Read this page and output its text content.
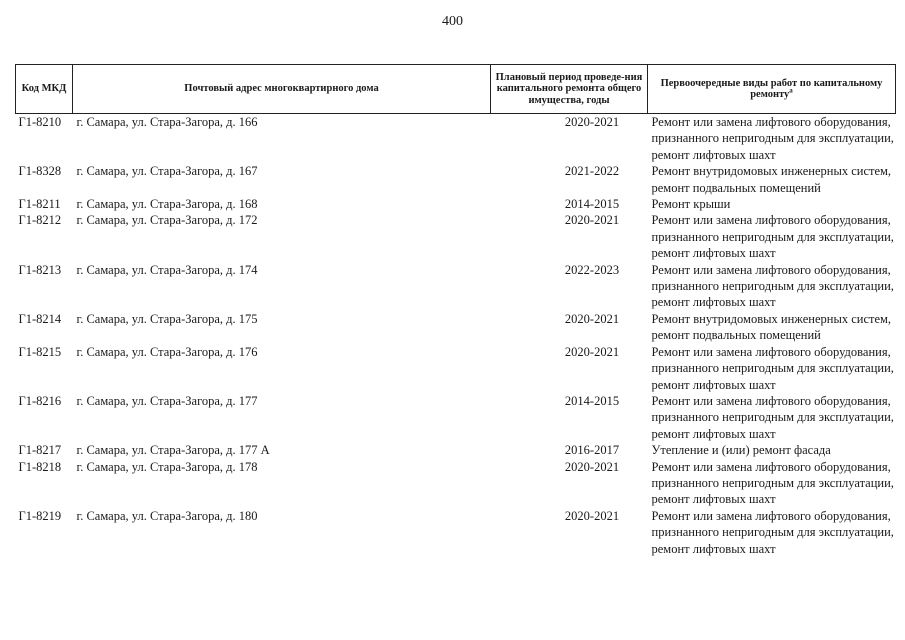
400
Код МКД	Почтовый адрес многоквартирного дома	Плановый период проведе-ния капитального ремонта общего имущества, годы	Первоочередные виды работ по капитальному ремонту$^а$
Г1-8210	г. Самара, ул. Стара-Загора, д. 166	2020-2021	Ремонт или замена лифтового оборудования, признанного непригодным для эксплуатации, ремонт лифтовых шахт
Г1-8328	г. Самара, ул. Стара-Загора, д. 167	2021-2022	Ремонт внутридомовых инженерных систем, ремонт подвальных помещений
Г1-8211	г. Самара, ул. Стара-Загора, д. 168	2014-2015	Ремонт крыши
Г1-8212	г. Самара, ул. Стара-Загора, д. 172	2020-2021	Ремонт или замена лифтового оборудования, признанного непригодным для эксплуатации, ремонт лифтовых шахт
Г1-8213	г. Самара, ул. Стара-Загора, д. 174	2022-2023	Ремонт или замена лифтового оборудования, признанного непригодным для эксплуатации, ремонт лифтовых шахт
Г1-8214	г. Самара, ул. Стара-Загора, д. 175	2020-2021	Ремонт внутридомовых инженерных систем, ремонт подвальных помещений
Г1-8215	г. Самара, ул. Стара-Загора, д. 176	2020-2021	Ремонт или замена лифтового оборудования, признанного непригодным для эксплуатации, ремонт лифтовых шахт
Г1-8216	г. Самара, ул. Стара-Загора, д. 177	2014-2015	Ремонт или замена лифтового оборудования, признанного непригодным для эксплуатации, ремонт лифтовых шахт
Г1-8217	г. Самара, ул. Стара-Загора, д. 177 А	2016-2017	Утепление и (или) ремонт фасада
Г1-8218	г. Самара, ул. Стара-Загора, д. 178	2020-2021	Ремонт или замена лифтового оборудования, признанного непригодным для эксплуатации, ремонт лифтовых шахт
Г1-8219	г. Самара, ул. Стара-Загора, д. 180	2020-2021	Ремонт или замена лифтового оборудования, признанного непригодным для эксплуатации, ремонт лифтовых шахт
